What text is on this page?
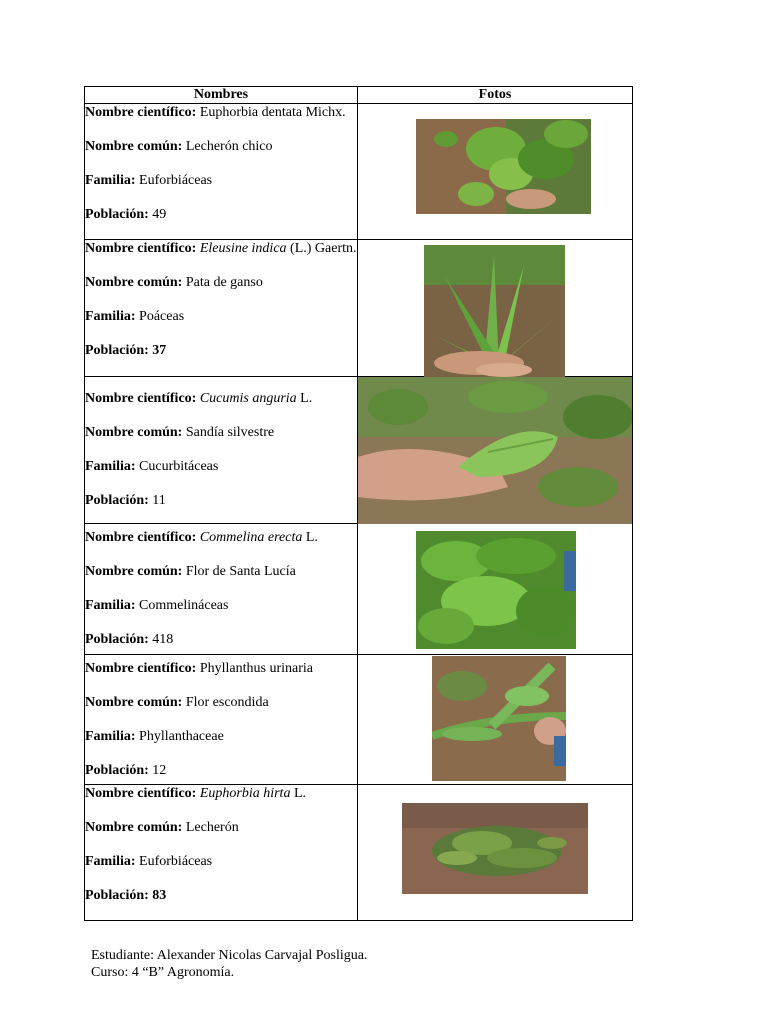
Nombres	Fotos

Nombre científico: Euphorbia dentata Michx.

Nombre común: Lecherón chico

Familia: Euforbiáceas

Población: 49

Nombre científico: Eleusine indica (L.) Gaertn.

Nombre común: Pata de ganso

Familia: Poáceas

Población: 37

Nombre científico: Cucumis anguria L.

Nombre común: Sandía silvestre

Familia: Cucurbitáceas

Población: 11

Nombre científico: Commelina erecta L.

Nombre común: Flor de Santa Lucía

Familia: Commelináceas

Población: 418

Nombre científico: Phyllanthus urinaria

Nombre común: Flor escondida

Familia: Phyllanthaceae

Población: 12

Nombre científico: Euphorbia hirta L.

Nombre común: Lecherón

Familia: Euforbiáceas

Población: 83

Estudiante: Alexander Nicolas Carvajal Posligua.
Curso: 4 “B” Agronomía.
